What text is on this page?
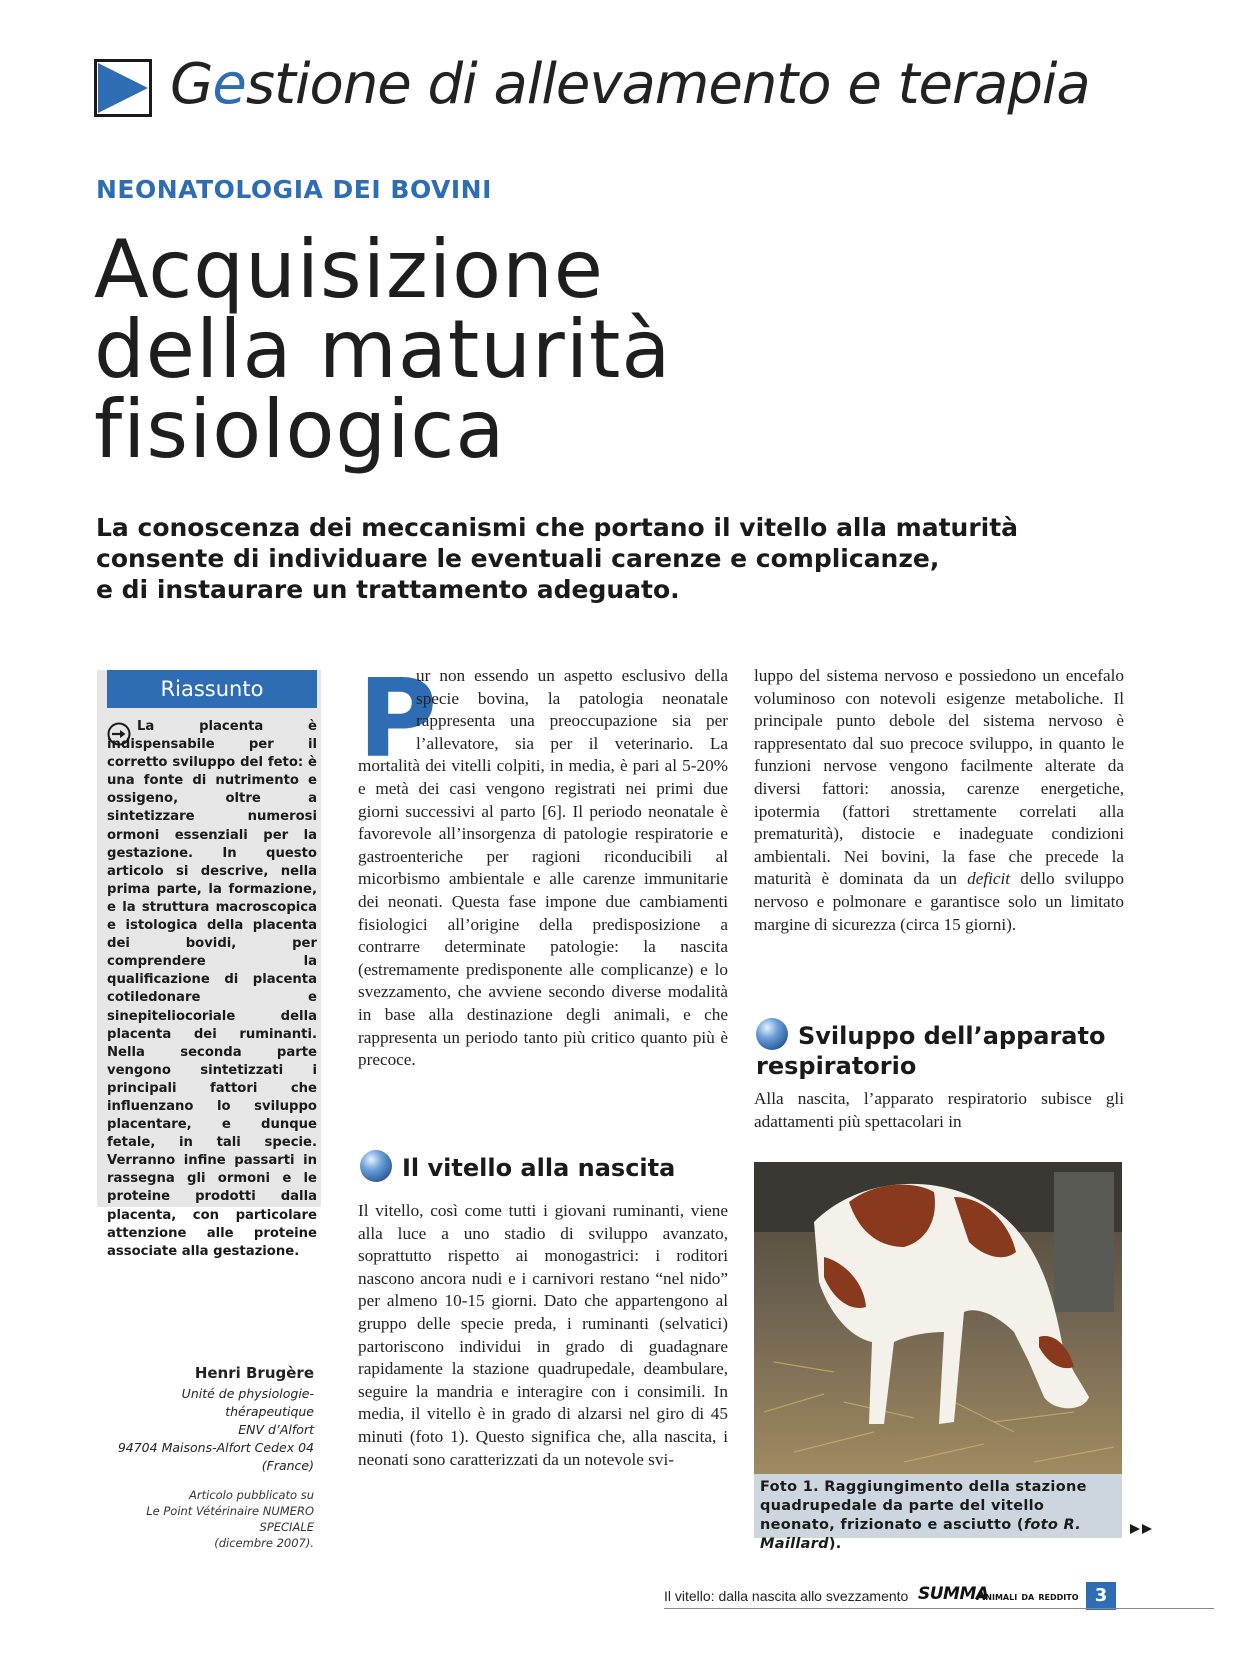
Gestione di allevamento e terapia
NEONATOLOGIA DEI BOVINI
Acquisizione
della maturità
fisiologica
La conoscenza dei meccanismi che portano il vitello alla maturità
consente di individuare le eventuali carenze e complicanze,
e di instaurare un trattamento adeguato.
Riassunto
La placenta è indispensabile per il corretto sviluppo del feto: è una fonte di nutrimento e ossigeno, oltre a sintetizzare numerosi ormoni essenziali per la gestazione. In questo articolo si descrive, nella prima parte, la formazione, e la struttura macroscopica e istologica della placenta dei bovidi, per comprendere la qualificazione di placenta cotiledonare e sinepiteliocoriale della placenta dei ruminanti. Nella seconda parte vengono sintetizzati i principali fattori che influenzano lo sviluppo placentare, e dunque fetale, in tali specie. Verranno infine passarti in rassegna gli ormoni e le proteine prodotti dalla placenta, con particolare attenzione alle proteine associate alla gestazione.
Henri Brugère
Unité de physiologie-
thérapeutique
ENV d’Alfort
94704 Maisons-Alfort Cedex 04
(France)
Articolo pubblicato su
Le Point Vétérinaire NUMERO SPECIALE
(dicembre 2007).
P
ur non essendo un aspetto esclusivo della specie bovina, la patologia neonatale rappresenta una preoccupazione sia per l’allevatore, sia per il veterinario. La mortalità dei vitelli colpiti, in media, è pari al 5-20% e metà dei casi vengono registrati nei primi due giorni successivi al parto [6]. Il periodo neonatale è favorevole all’insorgenza di patologie respiratorie e gastroenteriche per ragioni riconducibili al micorbismo ambientale e alle carenze immunitarie dei neonati. Questa fase impone due cambiamenti fisiologici all’origine della predisposizione a contrarre determinate patologie: la nascita (estremamente predisponente alle complicanze) e lo svezzamento, che avviene secondo diverse modalità in base alla destinazione degli animali, e che rappresenta un periodo tanto più critico quanto più è precoce.
Il vitello alla nascita
Il vitello, così come tutti i giovani ruminanti, viene alla luce a uno stadio di sviluppo avanzato, soprattutto rispetto ai monogastrici: i roditori nascono ancora nudi e i carnivori restano “nel nido” per almeno 10-15 giorni. Dato che appartengono al gruppo delle specie preda, i ruminanti (selvatici) partoriscono individui in grado di guadagnare rapidamente la stazione quadrupedale, deambulare, seguire la mandria e interagire con i consimili. In media, il vitello è in grado di alzarsi nel giro di 45 minuti (foto 1). Questo significa che, alla nascita, i neonati sono caratterizzati da un notevole svi-
luppo del sistema nervoso e possiedono un encefalo voluminoso con notevoli esigenze metaboliche. Il principale punto debole del sistema nervoso è rappresentato dal suo precoce sviluppo, in quanto le funzioni nervose vengono facilmente alterate da diversi fattori: anossia, carenze energetiche, ipotermia (fattori strettamente correlati alla prematurità), distocie e inadeguate condizioni ambientali. Nei bovini, la fase che precede la maturità è dominata da un deficit dello sviluppo nervoso e polmonare e garantisce solo un limitato margine di sicurezza (circa 15 giorni).
Sviluppo dell’apparato
respiratorio
Alla nascita, l’apparato respiratorio subisce gli adattamenti più spettacolari in
Foto 1. Raggiungimento della stazione quadrupedale da parte del vitello neonato, frizionato e asciutto (foto R. Maillard).
Il vitello: dalla nascita allo svezzamento SUMMA
Animali da reddito 3
